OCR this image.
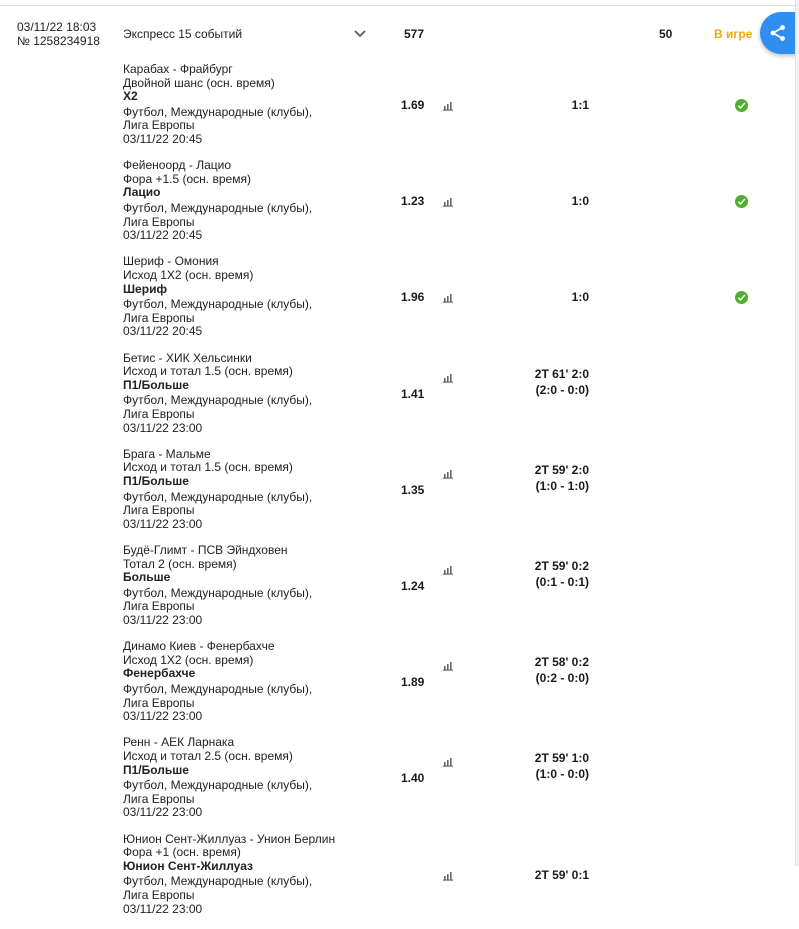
03/11/22 18:03
№ 1258234918 Экспресс 15 событий	577	50	В игре
Карабах - Фрайбург
Двойной шанс (осн. время)
Х2
Футбол, Международные (клубы),
Лига Европы
03/11/22 20:45
1.69	1:1
Фейеноорд - Лацио
Фора +1.5 (осн. время)
Лацио
Футбол, Международные (клубы),
Лига Европы
03/11/22 20:45
1.23	1:0
Шериф - Омония
Исход 1X2 (осн. время)
Шериф
Футбол, Международные (клубы),
Лига Европы
03/11/22 20:45
1.96	1:0
Бетис - ХИК Хельсинки
Исход и тотал 1.5 (осн. время)
П1/Больше
Футбол, Международные (клубы),
Лига Европы
03/11/22 23:00
1.41
2Т 61' 2:0
(2:0 - 0:0)
Брага - Мальме
Исход и тотал 1.5 (осн. время)
П1/Больше
Футбол, Международные (клубы),
Лига Европы
03/11/22 23:00
1.35
2Т 59' 2:0
(1:0 - 1:0)
Будё-Глимт - ПСВ Эйндховен
Тотал 2 (осн. время)
Больше
Футбол, Международные (клубы),
Лига Европы
03/11/22 23:00
1.24
2Т 59' 0:2
(0:1 - 0:1)
Динамо Киев - Фенербахче
Исход 1X2 (осн. время)
Фенербахче
Футбол, Международные (клубы),
Лига Европы
03/11/22 23:00
1.89
2Т 58' 0:2
(0:2 - 0:0)
Ренн - АЕК Ларнака
Исход и тотал 2.5 (осн. время)
П1/Больше
Футбол, Международные (клубы),
Лига Европы
03/11/22 23:00
1.40
2Т 59' 1:0
(1:0 - 0:0)
Юнион Сент-Жиллуаз - Унион Берлин
Фора +1 (осн. время)
Юнион Сент-Жиллуаз
Футбол, Международные (клубы),
Лига Европы
03/11/22 23:00
2Т 59' 0:1
